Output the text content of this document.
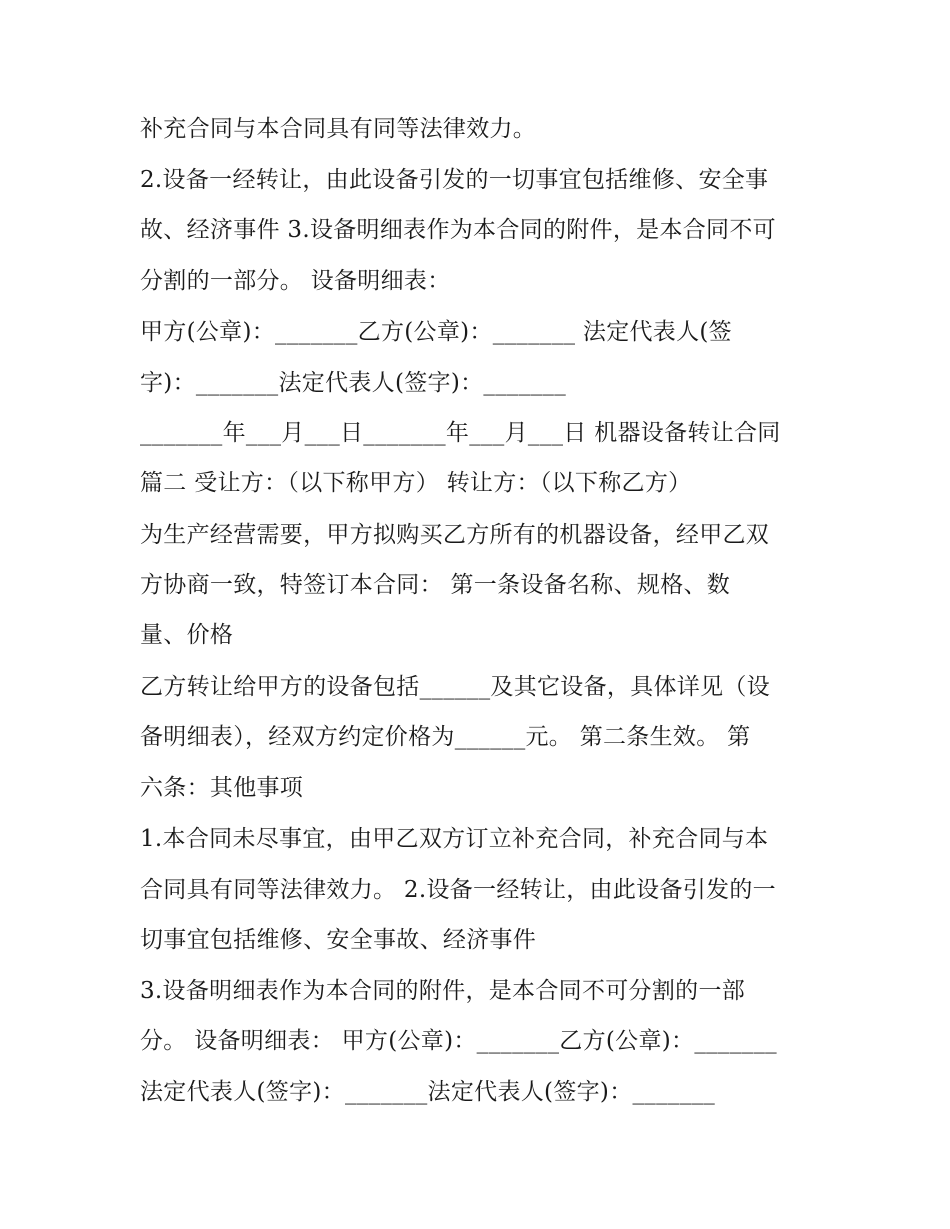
补充合同与本合同具有同等法律效力。
2.设备一经转让，由此设备引发的一切事宜包括维修、安全事
故、经济事件 3.设备明细表作为本合同的附件，是本合同不可
分割的一部分。 设备明细表：
甲方(公章)：_______乙方(公章)：_______ 法定代表人(签
字)：_______法定代表人(签字)：_______
_______年___月___日_______年___月___日 机器设备转让合同
篇二 受让方：（以下称甲方） 转让方：（以下称乙方）
为生产经营需要，甲方拟购买乙方所有的机器设备，经甲乙双
方协商一致，特签订本合同： 第一条设备名称、规格、数
量、价格
乙方转让给甲方的设备包括______及其它设备，具体详见（设
备明细表），经双方约定价格为______元。 第二条生效。 第
六条：其他事项
1.本合同未尽事宜，由甲乙双方订立补充合同，补充合同与本
合同具有同等法律效力。 2.设备一经转让，由此设备引发的一
切事宜包括维修、安全事故、经济事件
3.设备明细表作为本合同的附件，是本合同不可分割的一部
分。 设备明细表： 甲方(公章)：_______乙方(公章)：_______
法定代表人(签字)：_______法定代表人(签字)：_______
